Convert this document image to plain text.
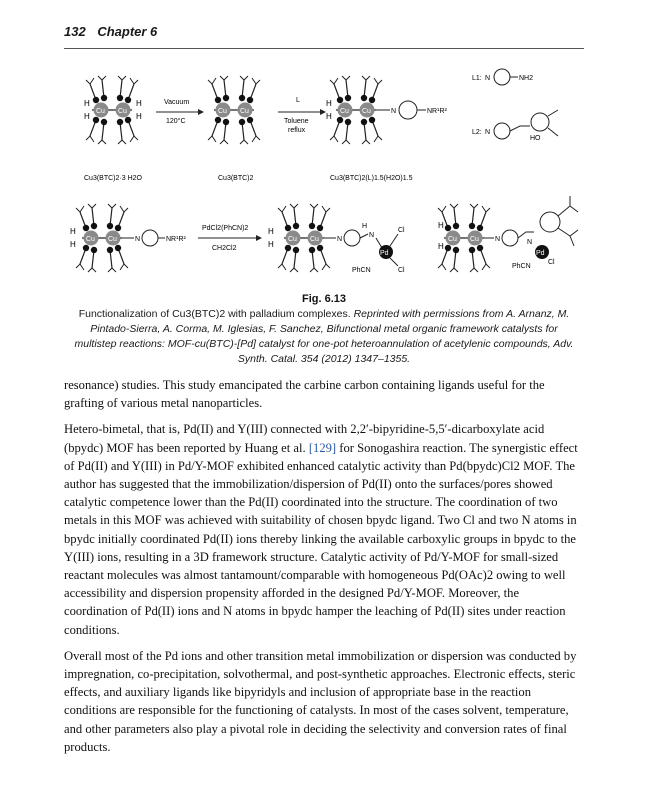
132 Chapter 6
H
H
H
H
Cu Cu
Vacuum
120°C
Cu Cu
L
Toluene
reflux
H
H
Cu Cu	N	NR¹R²
L1: N	NH2
L2: N
HO
Cu3(BTC)2·3 H2O	Cu3(BTC)2	Cu3(BTC)2(L)1.5(H2O)1.5
H
H
Cu Cu	N	NR¹R²
PdCl2(PhCN)2
CH2Cl2
H
H
Cu Cu	N
H
N
Pd
Cl
Cl
PhCN
H
H
Cu Cu N	N
Pd
Cl
PhCN
Fig. 6.13
Functionalization of Cu3(BTC)2 with palladium complexes. Reprinted with permissions from A. Arnanz, M. Pintado-Sierra, A. Corma, M. Iglesias, F. Sanchez, Bifunctional metal organic framework catalysts for multistep reactions: MOF-cu(BTC)-[Pd] catalyst for one-pot heteroannulation of acetylenic compounds, Adv. Synth. Catal. 354 (2012) 1347–1355.

resonance) studies. This study emancipated the carbine carbon containing ligands useful for the grafting of various metal nanoparticles.

Hetero-bimetal, that is, Pd(II) and Y(III) connected with 2,2′-bipyridine-5,5′-dicarboxylate acid (bpydc) MOF has been reported by Huang et al. [129] for Sonogashira reaction. The synergistic effect of Pd(II) and Y(III) in Pd/Y-MOF exhibited enhanced catalytic activity than Pd(bpydc)Cl2 MOF. The author has suggested that the immobilization/dispersion of Pd(II) onto the surfaces/pores showed catalytic competence lower than the Pd(II) coordinated into the structure. The coordination of two metals in this MOF was achieved with suitability of chosen bpydc ligand. Two Cl and two N atoms in bpydc initially coordinated Pd(II) ions thereby linking the available carboxylic groups in bpydc to the Y(III) ions, resulting in a 3D framework structure. Catalytic activity of Pd/Y-MOF for small-sized reactant molecules was almost tantamount/comparable with homogeneous Pd(OAc)2 owing to well accessibility and dispersion propensity afforded in the designed Pd/Y-MOF. Moreover, the coordination of Pd(II) ions and N atoms in bpydc hamper the leaching of Pd(II) sites under reaction conditions.

Overall most of the Pd ions and other transition metal immobilization or dispersion was conducted by impregnation, co-precipitation, solvothermal, and post-synthetic approaches. Electronic effects, steric effects, and auxiliary ligands like bipyridyls and inclusion of appropriate base in the reaction conditions are responsible for the functioning of catalysts. In most of the cases solvent, temperature, and other parameters also play a pivotal role in deciding the selectivity and conversion rates of final products.
